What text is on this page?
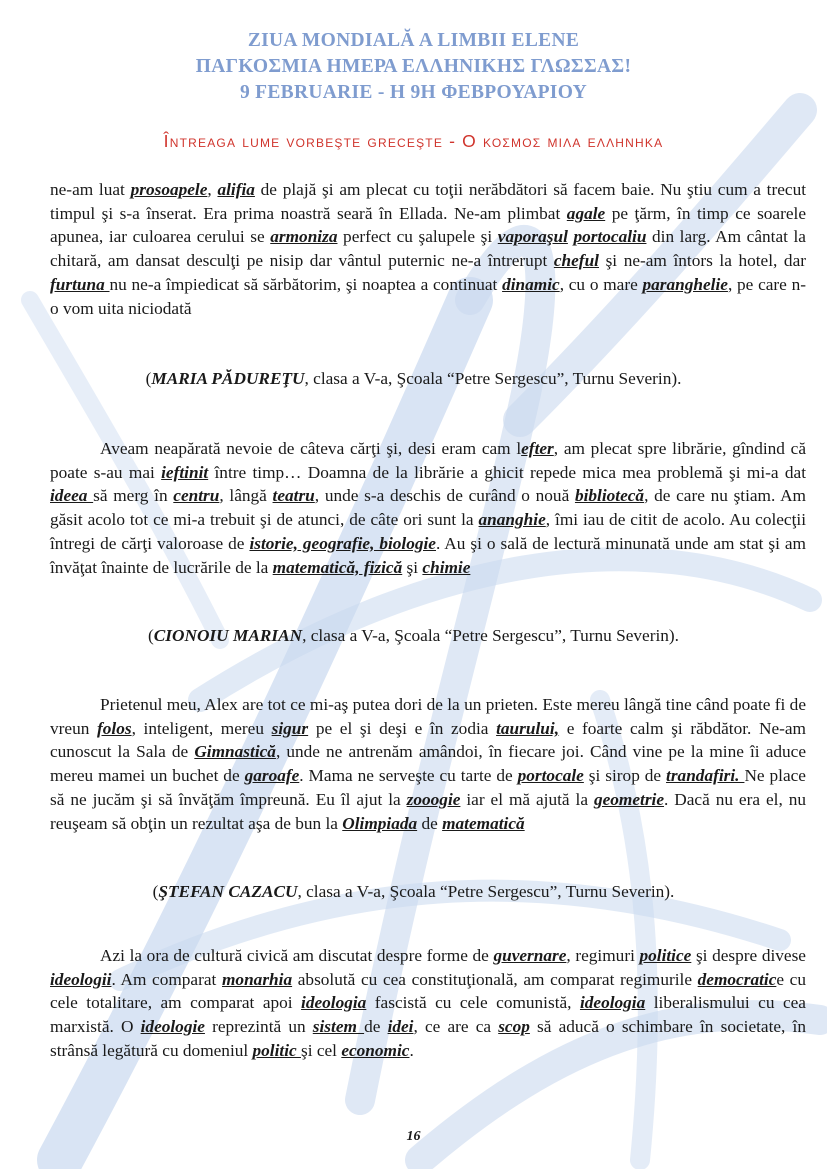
ZIUA MONDIALĂ A LIMBII ELENE
ΠΑΓΚΟΣΜΙΑ ΗΜΕΡΑ ΕΛΛΗΝΙΚΗΣ ΓΛΩΣΣΑΣ!
9 FEBRUARIE - Η 9Η ΦΕΒΡΟΥΑΡΙΟΥ
Întreaga lume vorbeşte greceşte - Ο κοσμος μιλα ελληνηκα

ne-am luat prosoapele, alifia de plajă şi am plecat cu toţii nerăbdători să facem baie. Nu ştiu cum a trecut timpul şi s-a înserat. Era prima noastră seară în Ellada. Ne-am plimbat agale pe ţărm, în timp ce soarele apunea, iar culoarea cerului se armoniza perfect cu şalupele şi vaporaşul portocaliu din larg. Am cântat la chitară, am dansat desculţi pe nisip dar vântul puternic ne-a întrerupt cheful şi ne-am întors la hotel, dar furtuna nu ne-a împiedicat să sărbătorim, şi noaptea a continuat dinamic, cu o mare paranghelie, pe care n-o vom uita niciodată

(MARIA PĂDUREŢU, clasa a V-a, Şcoala “Petre Sergescu”, Turnu Severin).

Aveam neapărată nevoie de câteva cărţi şi, desi eram cam lefter, am plecat spre librărie, gîndind că poate s-au mai ieftinit între timp… Doamna de la librărie a ghicit repede mica mea problemă şi mi-a dat ideea să merg în centru, lângă teatru, unde s-a deschis de curând o nouă bibliotecă, de care nu ştiam. Am găsit acolo tot ce mi-a trebuit şi de atunci, de câte ori sunt la ananghie, îmi iau de citit de acolo. Au colecţii întregi de cărţi valoroase de istorie, geografie, biologie. Au şi o sală de lectură minunată unde am stat şi am învăţat înainte de lucrările de la matematică, fizică şi chimie

(CIONOIU MARIAN, clasa a V-a, Şcoala “Petre Sergescu”, Turnu Severin).

Prietenul meu, Alex are tot ce mi-aş putea dori de la un prieten. Este mereu lângă tine când poate fi de vreun folos, inteligent, mereu sigur pe el şi deşi e în zodia taurului, e foarte calm şi răbdător. Ne-am cunoscut la Sala de Gimnastică, unde ne antrenăm amândoi, în fiecare joi. Când vine pe la mine îi aduce mereu mamei un buchet de garoafe. Mama ne serveşte cu tarte de portocale şi sirop de trandafiri. Ne place să ne jucăm şi să învăţăm împreună. Eu îl ajut la zooogie iar el mă ajută la geometrie. Dacă nu era el, nu reuşeam să obţin un rezultat aşa de bun la Olimpiada de matematică

(ŞTEFAN CAZACU, clasa a V-a, Şcoala “Petre Sergescu”, Turnu Severin).

Azi la ora de cultură civică am discutat despre forme de guvernare, regimuri politice şi despre divese ideologii. Am comparat monarhia absolută cu cea constituţională, am comparat regimurile democratice cu cele totalitare, am comparat apoi ideologia fascistă cu cele comunistă, ideologia liberalismului cu cea marxistă. O ideologie reprezintă un sistem de idei, ce are ca scop să aducă o schimbare în societate, în strânsă legătură cu domeniul politic şi cel economic.

16
